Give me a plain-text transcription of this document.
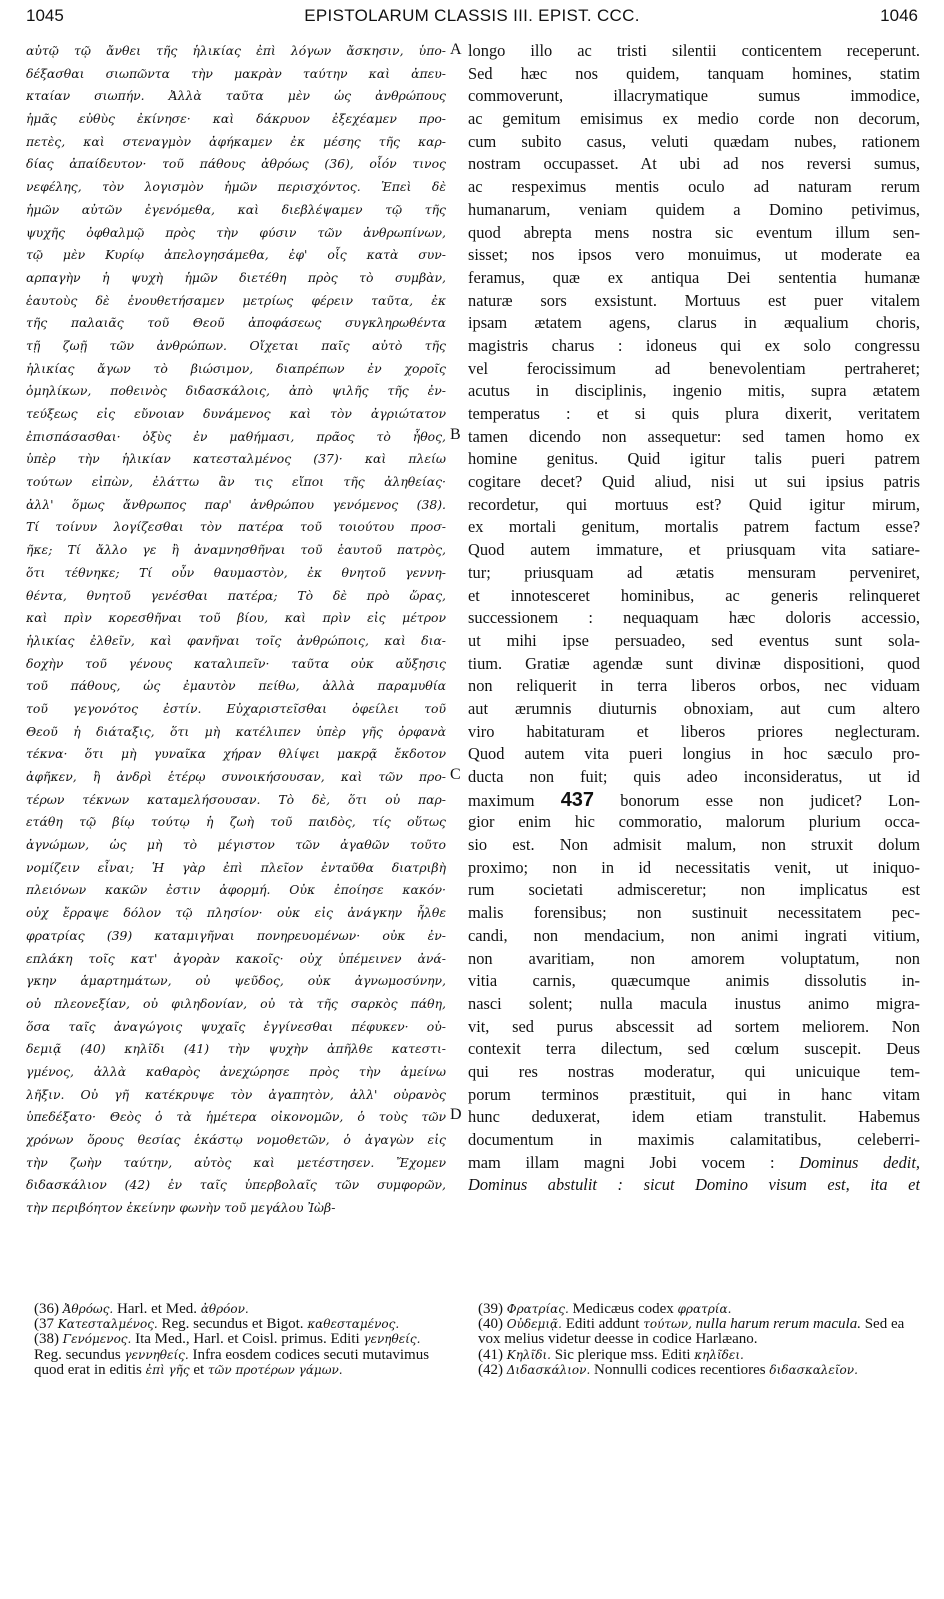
1045	EPISTOLARUM CLASSIS III. EPIST. CCC.	1046
αὐτῷ τῷ ἄνθει τῆς ἡλικίας ἐπὶ λόγων ἄσκησιν, ὑπο-
δέξασθαι σιωπῶντα τὴν μακρὰν ταύτην καὶ ἀπευ-
κταίαν σιωπήν. Ἀλλὰ ταῦτα μὲν ὡς ἀνθρώπους
ἡμᾶς εὐθὺς ἐκίνησε· καὶ δάκρυον ἐξεχέαμεν προ-
πετὲς, καὶ στεναγμὸν ἀφήκαμεν ἐκ μέσης τῆς καρ-
δίας ἀπαίδευτον· τοῦ πάθους ἀθρόως (36), οἷόν τινος
νεφέλης, τὸν λογισμὸν ἡμῶν περισχόντος. Ἐπεὶ δὲ
ἡμῶν αὐτῶν ἐγενόμεθα, καὶ διεβλέψαμεν τῷ τῆς
ψυχῆς ὀφθαλμῷ πρὸς τὴν φύσιν τῶν ἀνθρωπίνων,
τῷ μὲν Κυρίῳ ἀπελογησάμεθα, ἐφ' οἷς κατὰ συν-
αρπαγὴν ἡ ψυχὴ ἡμῶν διετέθη πρὸς τὸ συμβὰν,
ἑαυτοὺς δὲ ἐνουθετήσαμεν μετρίως φέρειν ταῦτα, ἐκ
τῆς παλαιᾶς τοῦ Θεοῦ ἀποφάσεως συγκληρωθέντα
τῇ ζωῇ τῶν ἀνθρώπων. Οἴχεται παῖς αὐτὸ τῆς
ἡλικίας ἄγων τὸ βιώσιμον, διαπρέπων ἐν χοροῖς
ὁμηλίκων, ποθεινὸς διδασκάλοις, ἀπὸ ψιλῆς τῆς ἐν-
τεύξεως εἰς εὔνοιαν δυνάμενος καὶ τὸν ἀγριώτατον
ἐπισπάσασθαι· ὀξὺς ἐν μαθήμασι, πρᾶος τὸ ἦθος,
ὑπὲρ τὴν ἡλικίαν κατεσταλμένος (37)· καὶ πλείω
τούτων εἰπὼν, ἐλάττω ἂν τις εἴποι τῆς ἀληθείας·
ἀλλ' ὅμως ἄνθρωπος παρ' ἀνθρώπου γενόμενος (38).
Τί τοίνυν λογίζεσθαι τὸν πατέρα τοῦ τοιούτου προσ-
ῆκε; Τί ἄλλο γε ἢ ἀναμνησθῆναι τοῦ ἑαυτοῦ πατρὸς,
ὅτι τέθνηκε; Τί οὖν θαυμαστὸν, ἐκ θνητοῦ γεννη-
θέντα, θνητοῦ γενέσθαι πατέρα; Τὸ δὲ πρὸ ὥρας,
καὶ πρὶν κορεσθῆναι τοῦ βίου, καὶ πρὶν εἰς μέτρον
ἡλικίας ἐλθεῖν, καὶ φανῆναι τοῖς ἀνθρώποις, καὶ δια-
δοχὴν τοῦ γένους καταλιπεῖν· ταῦτα οὐκ αὔξησις
τοῦ πάθους, ὡς ἐμαυτὸν πείθω, ἀλλὰ παραμυθία
τοῦ γεγονότος ἐστίν. Εὐχαριστεῖσθαι ὀφείλει τοῦ
Θεοῦ ἡ διάταξις, ὅτι μὴ κατέλιπεν ὑπὲρ γῆς ὀρφανὰ
τέκνα· ὅτι μὴ γυναῖκα χήραν θλίψει μακρᾷ ἔκδοτον
ἀφῆκεν, ἢ ἀνδρὶ ἑτέρῳ συνοικήσουσαν, καὶ τῶν προ-
τέρων τέκνων καταμελήσουσαν. Τὸ δὲ, ὅτι οὐ παρ-
ετάθη τῷ βίῳ τούτῳ ἡ ζωὴ τοῦ παιδὸς, τίς οὕτως
ἀγνώμων, ὡς μὴ τὸ μέγιστον τῶν ἀγαθῶν τοῦτο
νομίζειν εἶναι; Ἡ γὰρ ἐπὶ πλεῖον ἐνταῦθα διατριβὴ
πλειόνων κακῶν ἐστιν ἀφορμή. Οὐκ ἐποίησε κακόν·
οὐχ ἔρραψε δόλον τῷ πλησίον· οὐκ εἰς ἀνάγκην ἦλθε
φρατρίας (39) καταμιγῆναι πονηρευομένων· οὐκ ἐν-
επλάκη τοῖς κατ' ἀγορὰν κακοῖς· οὐχ ὑπέμεινεν ἀνά-
γκην ἁμαρτημάτων, οὐ ψεῦδος, οὐκ ἀγνωμοσύνην,
οὐ πλεονεξίαν, οὐ φιληδονίαν, οὐ τὰ τῆς σαρκὸς πάθη,
ὅσα ταῖς ἀναγώγοις ψυχαῖς ἐγγίνεσθαι πέφυκεν· οὐ-
δεμιᾷ (40) κηλῖδι (41) τὴν ψυχὴν ἀπῆλθε κατεστι-
γμένος, ἀλλὰ καθαρὸς ἀνεχώρησε πρὸς τὴν ἀμείνω
λῆξιν. Οὐ γῆ κατέκρυψε τὸν ἀγαπητὸν, ἀλλ' οὐρανὸς
ὑπεδέξατο· Θεὸς ὁ τὰ ἡμέτερα οἰκονομῶν, ὁ τοὺς τῶν
χρόνων ὅρους θεσίας ἑκάστῳ νομοθετῶν, ὁ ἀγαγὼν εἰς
τὴν ζωὴν ταύτην, αὐτὸς καὶ μετέστησεν. Ἔχομεν
διδασκάλιον (42) ἐν ταῖς ὑπερβολαῖς τῶν συμφορῶν,
τὴν περιβόητον ἐκείνην φωνὴν τοῦ μεγάλου Ἰὼβ-
longo illo ac tristi silentii conticentem receperunt.
Sed hæc nos quidem, tanquam homines, statim
commoverunt, illacrymatique sumus immodice,
ac gemitum emisimus ex medio corde non decorum,
cum subito casus, veluti quædam nubes, rationem
nostram occupasset. At ubi ad nos reversi sumus,
ac respeximus mentis oculo ad naturam rerum
humanarum, veniam quidem a Domino petivimus,
quod abrepta mens nostra sic eventum illum sen-
sisset; nos ipsos vero monuimus, ut moderate ea
feramus, quæ ex antiqua Dei sententia humanæ
naturæ sors exsistunt. Mortuus est puer vitalem
ipsam ætatem agens, clarus in æqualium choris,
magistris charus : idoneus qui ex solo congressu
vel ferocissimum ad benevolentiam pertraheret;
acutus in disciplinis, ingenio mitis, supra ætatem
temperatus : et si quis plura dixerit, veritatem
tamen dicendo non assequetur: sed tamen homo ex
homine genitus. Quid igitur talis pueri patrem
cogitare decet? Quid aliud, nisi ut sui ipsius patris
recordetur, qui mortuus est? Quid igitur mirum,
ex mortali genitum, mortalis patrem factum esse?
Quod autem immature, et priusquam vita satiare-
tur; priusquam ad ætatis mensuram perveniret,
et innotesceret hominibus, ac generis relinqueret
successionem : nequaquam hæc doloris accessio,
ut mihi ipse persuadeo, sed eventus sunt sola-
tium. Gratiæ agendæ sunt divinæ dispositioni, quod
non reliquerit in terra liberos orbos, nec viduam
aut ærumnis diuturnis obnoxiam, aut cum altero
viro habitaturam et liberos priores neglecturam.
Quod autem vita pueri longius in hoc sæculo pro-
ducta non fuit; quis adeo inconsideratus, ut id
maximum 437 bonorum esse non judicet? Lon-
gior enim hic commoratio, malorum plurium occa-
sio est. Non admisit malum, non struxit dolum
proximo; non in id necessitatis venit, ut iniquo-
rum societati admisceretur; non implicatus est
malis forensibus; non sustinuit necessitatem pec-
candi, non mendacium, non animi ingrati vitium,
non avaritiam, non amorem voluptatum, non
vitia carnis, quæcumque animis dissolutis in-
nasci solent; nulla macula inustus animo migra-
vit, sed purus abscessit ad sortem meliorem. Non
contexit terra dilectum, sed cœlum suscepit. Deus
qui res nostras moderatur, qui unicuique tem-
porum terminos præstituit, qui in hanc vitam
hunc deduxerat, idem etiam transtulit. Habemus
documentum in maximis calamitatibus, celeberri-
mam illam magni Jobi vocem : Dominus dedit,
Dominus abstulit : sicut Domino visum est, ita et
A
B
C
D

(36) Ἀθρόως. Harl. et Med. ἀθρόον.

(37 Κατεσταλμένος. Reg. secundus et Bigot. καθεσταμένος.

(38) Γενόμενος. Ita Med., Harl. et Coisl. primus. Editi γενηθείς. Reg. secundus γεννηθείς. Infra eosdem codices secuti mutavimus quod erat in editis ἐπὶ γῆς et τῶν προτέρων γάμων.

(39) Φρατρίας. Medicæus codex φρατρία.

(40) Οὐδεμιᾷ. Editi addunt τούτων, nulla harum rerum macula. Sed ea vox melius videtur deesse in codice Harlæano.

(41) Κηλῖδι. Sic plerique mss. Editi κηλῖδει.

(42) Διδασκάλιον. Nonnulli codices recentiores διδασκαλεῖον.
